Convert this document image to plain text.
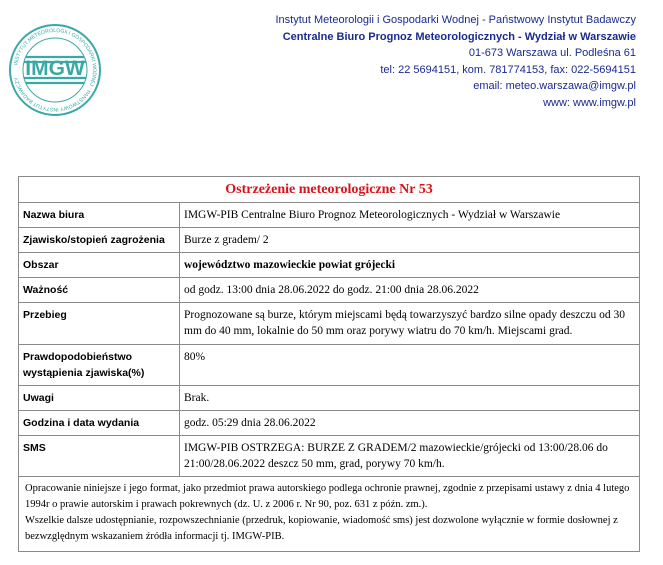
IMGW
INSTYTUT METEOROLOGII I GOSPODARKI WODNEJ · PAŃSTWOWY INSTYTUT BADAWCZY
Instytut Meteorologii i Gospodarki Wodnej - Państwowy Instytut Badawczy
Centralne Biuro Prognoz Meteorologicznych - Wydział w Warszawie
01-673 Warszawa ul. Podleśna 61
tel: 22 5694151, kom. 781774153, fax: 022-5694151
email: meteo.warszawa@imgw.pl
www: www.imgw.pl
Ostrzeżenie meteorologiczne Nr 53
Nazwa biura	IMGW-PIB Centralne Biuro Prognoz Meteorologicznych - Wydział w Warszawie
Zjawisko/stopień zagrożenia	Burze z gradem/ 2
Obszar	województwo mazowieckie powiat grójecki
Ważność	od godz. 13:00 dnia 28.06.2022 do godz. 21:00 dnia 28.06.2022
Przebieg	Prognozowane są burze, którym miejscami będą towarzyszyć bardzo silne opady deszczu od 30 mm do 40 mm, lokalnie do 50 mm oraz porywy wiatru do 70 km/h. Miejscami grad.
Prawdopodobieństwo wystąpienia zjawiska(%)	80%
Uwagi	Brak.
Godzina i data wydania	godz. 05:29 dnia 28.06.2022
SMS	IMGW-PIB OSTRZEGA: BURZE Z GRADEM/2 mazowieckie/grójecki od 13:00/28.06 do 21:00/28.06.2022 deszcz 50 mm, grad, porywy 70 km/h.

Opracowanie niniejsze i jego format, jako przedmiot prawa autorskiego podlega ochronie prawnej, zgodnie z przepisami ustawy z dnia 4 lutego 1994r o prawie autorskim i prawach pokrewnych (dz. U. z 2006 r. Nr 90, poz. 631 z późn. zm.).

Wszelkie dalsze udostępnianie, rozpowszechnianie (przedruk, kopiowanie, wiadomość sms) jest dozwolone wyłącznie w formie dosłownej z bezwzględnym wskazaniem źródła informacji tj. IMGW-PIB.
